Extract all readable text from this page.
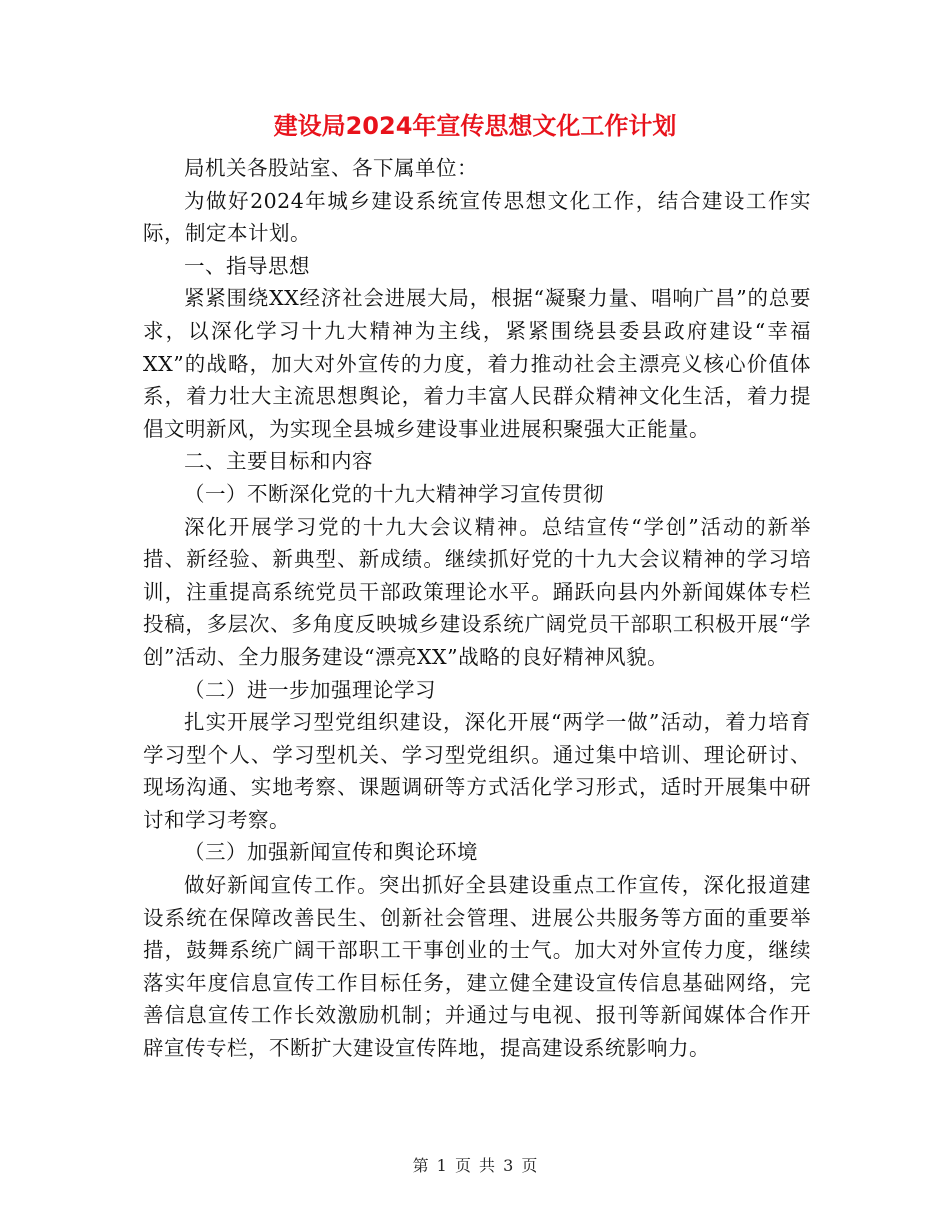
建设局2024年宣传思想文化工作计划

局机关各股站室、各下属单位：

为做好2024年城乡建设系统宣传思想文化工作，结合建设工作实际，制定本计划。

一、指导思想

紧紧围绕XX经济社会进展大局，根据“凝聚力量、唱响广昌”的总要求，以深化学习十九大精神为主线，紧紧围绕县委县政府建设“幸福XX”的战略，加大对外宣传的力度，着力推动社会主漂亮义核心价值体系，着力壮大主流思想舆论，着力丰富人民群众精神文化生活，着力提倡文明新风，为实现全县城乡建设事业进展积聚强大正能量。

二、主要目标和内容

（一）不断深化党的十九大精神学习宣传贯彻

深化开展学习党的十九大会议精神。总结宣传“学创”活动的新举措、新经验、新典型、新成绩。继续抓好党的十九大会议精神的学习培训，注重提高系统党员干部政策理论水平。踊跃向县内外新闻媒体专栏投稿，多层次、多角度反映城乡建设系统广阔党员干部职工积极开展“学创”活动、全力服务建设“漂亮XX”战略的良好精神风貌。

（二）进一步加强理论学习

扎实开展学习型党组织建设，深化开展“两学一做”活动，着力培育学习型个人、学习型机关、学习型党组织。通过集中培训、理论研讨、现场沟通、实地考察、课题调研等方式活化学习形式，适时开展集中研讨和学习考察。

（三）加强新闻宣传和舆论环境

做好新闻宣传工作。突出抓好全县建设重点工作宣传，深化报道建设系统在保障改善民生、创新社会管理、进展公共服务等方面的重要举措，鼓舞系统广阔干部职工干事创业的士气。加大对外宣传力度，继续落实年度信息宣传工作目标任务，建立健全建设宣传信息基础网络，完善信息宣传工作长效激励机制；并通过与电视、报刊等新闻媒体合作开辟宣传专栏，不断扩大建设宣传阵地，提高建设系统影响力。

第 1 页 共 3 页
